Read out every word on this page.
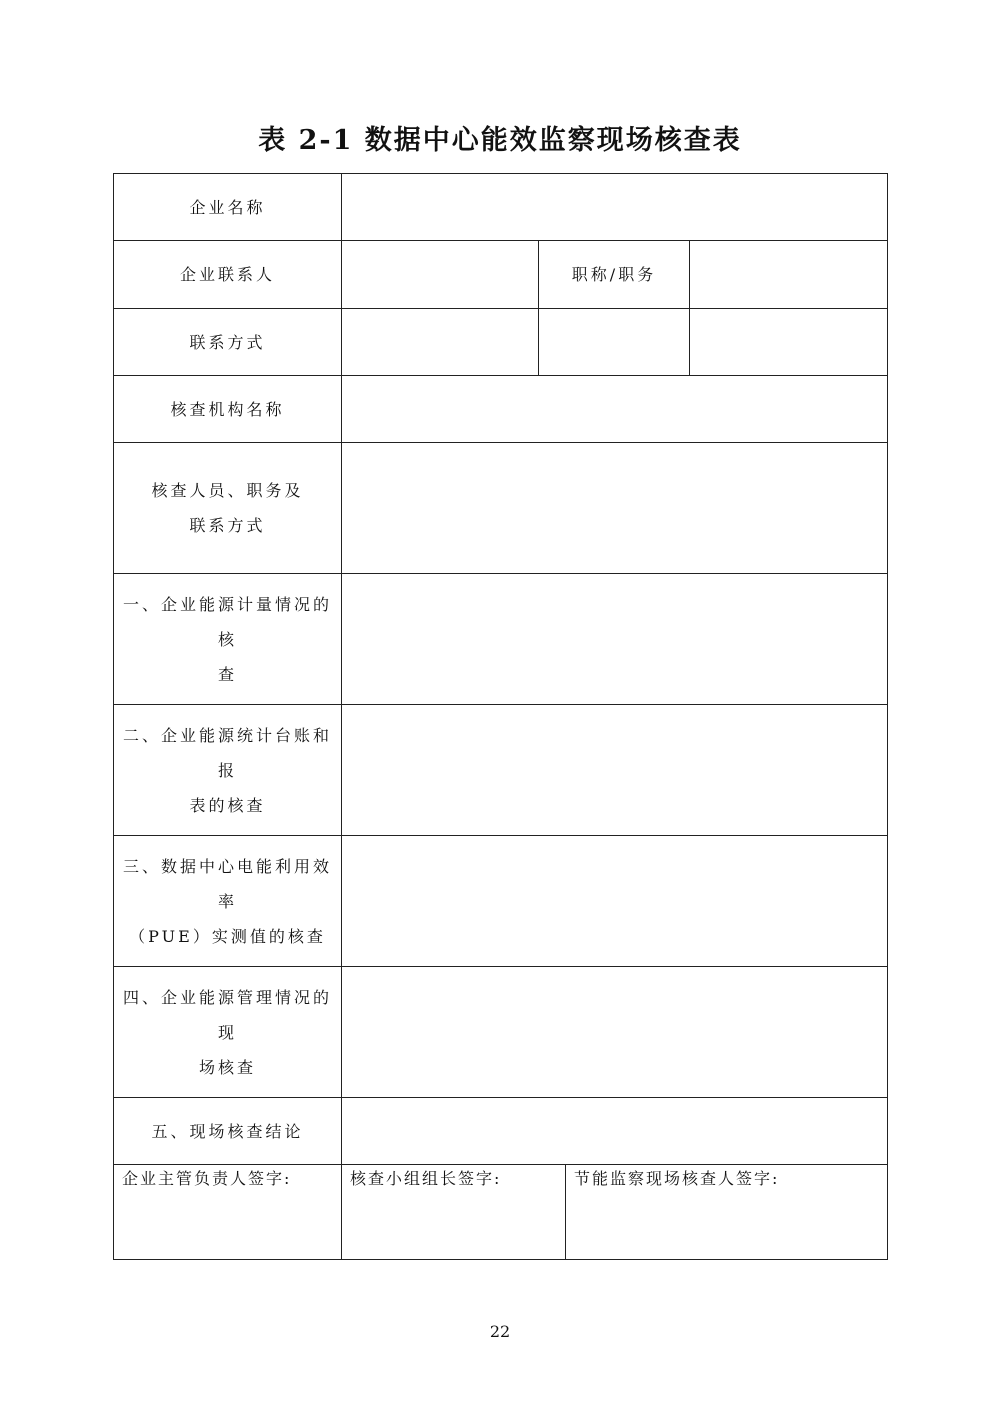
表 2-1 数据中心能效监察现场核查表
企业名称				
企业联系人		职称/职务		
联系方式				
核查机构名称				

核查人员、职务及
联系方式				

一、企业能源计量情况的核
查				

二、企业能源统计台账和报
表的核查				

三、数据中心电能利用效率
（PUE）实测值的核查				

四、企业能源管理情况的现
场核查				

五、现场核查结论				
企业主管负责人签字:	核查小组组长签字:		节能监察现场核查人签字:	
22
